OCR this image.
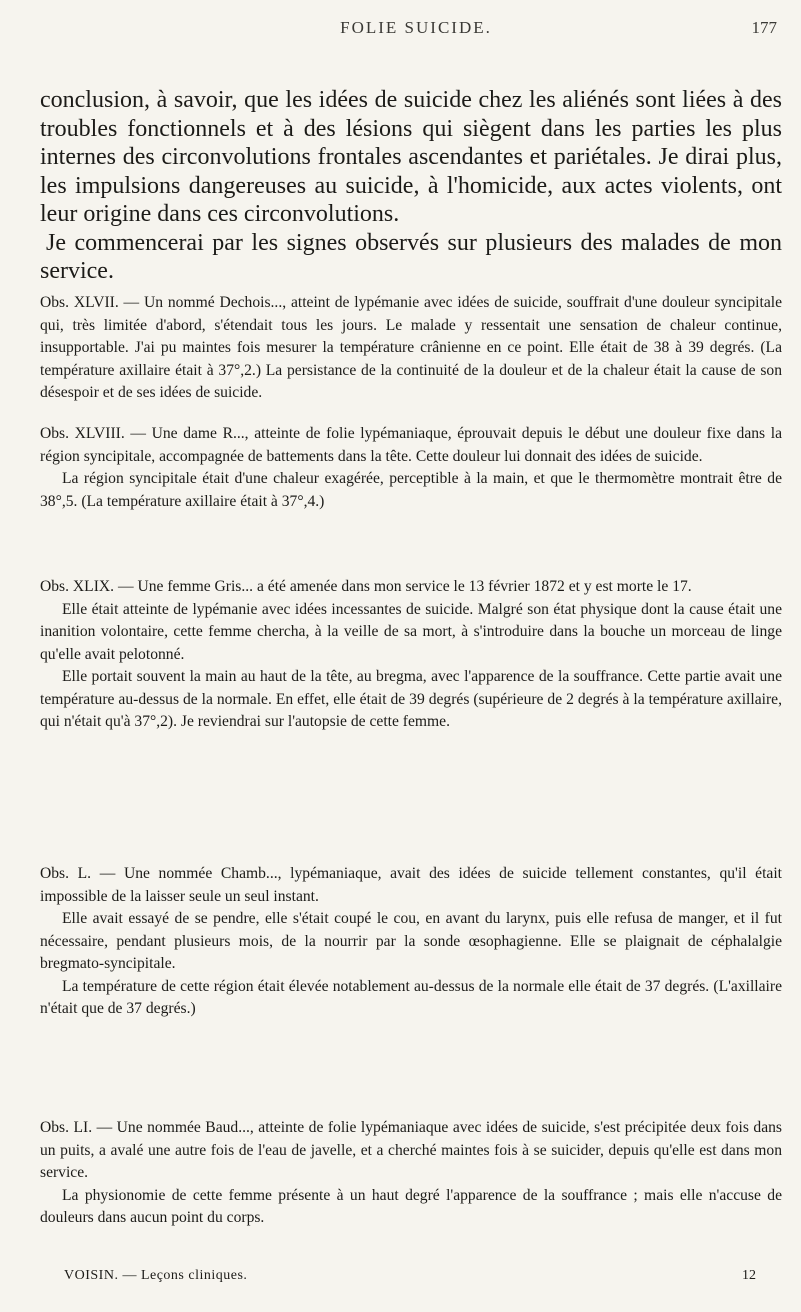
FOLIE SUICIDE.	177

conclusion, à savoir, que les idées de suicide chez les aliénés sont liées à des troubles fonctionnels et à des lésions qui siègent dans les parties les plus internes des circonvolutions frontales ascendantes et pariétales. Je dirai plus, les impulsions dangereuses au suicide, à l'homicide, aux actes violents, ont leur origine dans ces circonvolutions.

Je commencerai par les signes observés sur plusieurs des malades de mon service.

Obs. XLVII. — Un nommé Dechois..., atteint de lypémanie avec idées de suicide, souffrait d'une douleur syncipitale qui, très limitée d'abord, s'étendait tous les jours. Le malade y ressentait une sensation de chaleur continue, insupportable. J'ai pu maintes fois mesurer la température crânienne en ce point. Elle était de 38 à 39 degrés. (La température axillaire était à 37°,2.) La persistance de la continuité de la douleur et de la chaleur était la cause de son désespoir et de ses idées de suicide.

Obs. XLVIII. — Une dame R..., atteinte de folie lypémaniaque, éprouvait depuis le début une douleur fixe dans la région syncipitale, accompagnée de battements dans la tête. Cette douleur lui donnait des idées de suicide.

La région syncipitale était d'une chaleur exagérée, perceptible à la main, et que le thermomètre montrait être de 38°,5. (La température axillaire était à 37°,4.)

Obs. XLIX. — Une femme Gris... a été amenée dans mon service le 13 février 1872 et y est morte le 17.

Elle était atteinte de lypémanie avec idées incessantes de suicide. Malgré son état physique dont la cause était une inanition volontaire, cette femme chercha, à la veille de sa mort, à s'introduire dans la bouche un morceau de linge qu'elle avait pelotonné.

Elle portait souvent la main au haut de la tête, au bregma, avec l'apparence de la souffrance. Cette partie avait une température au-dessus de la normale. En effet, elle était de 39 degrés (supérieure de 2 degrés à la température axillaire, qui n'était qu'à 37°,2). Je reviendrai sur l'autopsie de cette femme.

Obs. L. — Une nommée Chamb..., lypémaniaque, avait des idées de suicide tellement constantes, qu'il était impossible de la laisser seule un seul instant.

Elle avait essayé de se pendre, elle s'était coupé le cou, en avant du larynx, puis elle refusa de manger, et il fut nécessaire, pendant plusieurs mois, de la nourrir par la sonde œsophagienne. Elle se plaignait de céphalalgie bregmato-syncipitale.

La température de cette région était élevée notablement au-dessus de la normale elle était de 37 degrés. (L'axillaire n'était que de 37 degrés.)

Obs. LI. — Une nommée Baud..., atteinte de folie lypémaniaque avec idées de suicide, s'est précipitée deux fois dans un puits, a avalé une autre fois de l'eau de javelle, et a cherché maintes fois à se suicider, depuis qu'elle est dans mon service.

La physionomie de cette femme présente à un haut degré l'apparence de la souffrance ; mais elle n'accuse de douleurs dans aucun point du corps.

VOISIN. — Leçons cliniques.	12
